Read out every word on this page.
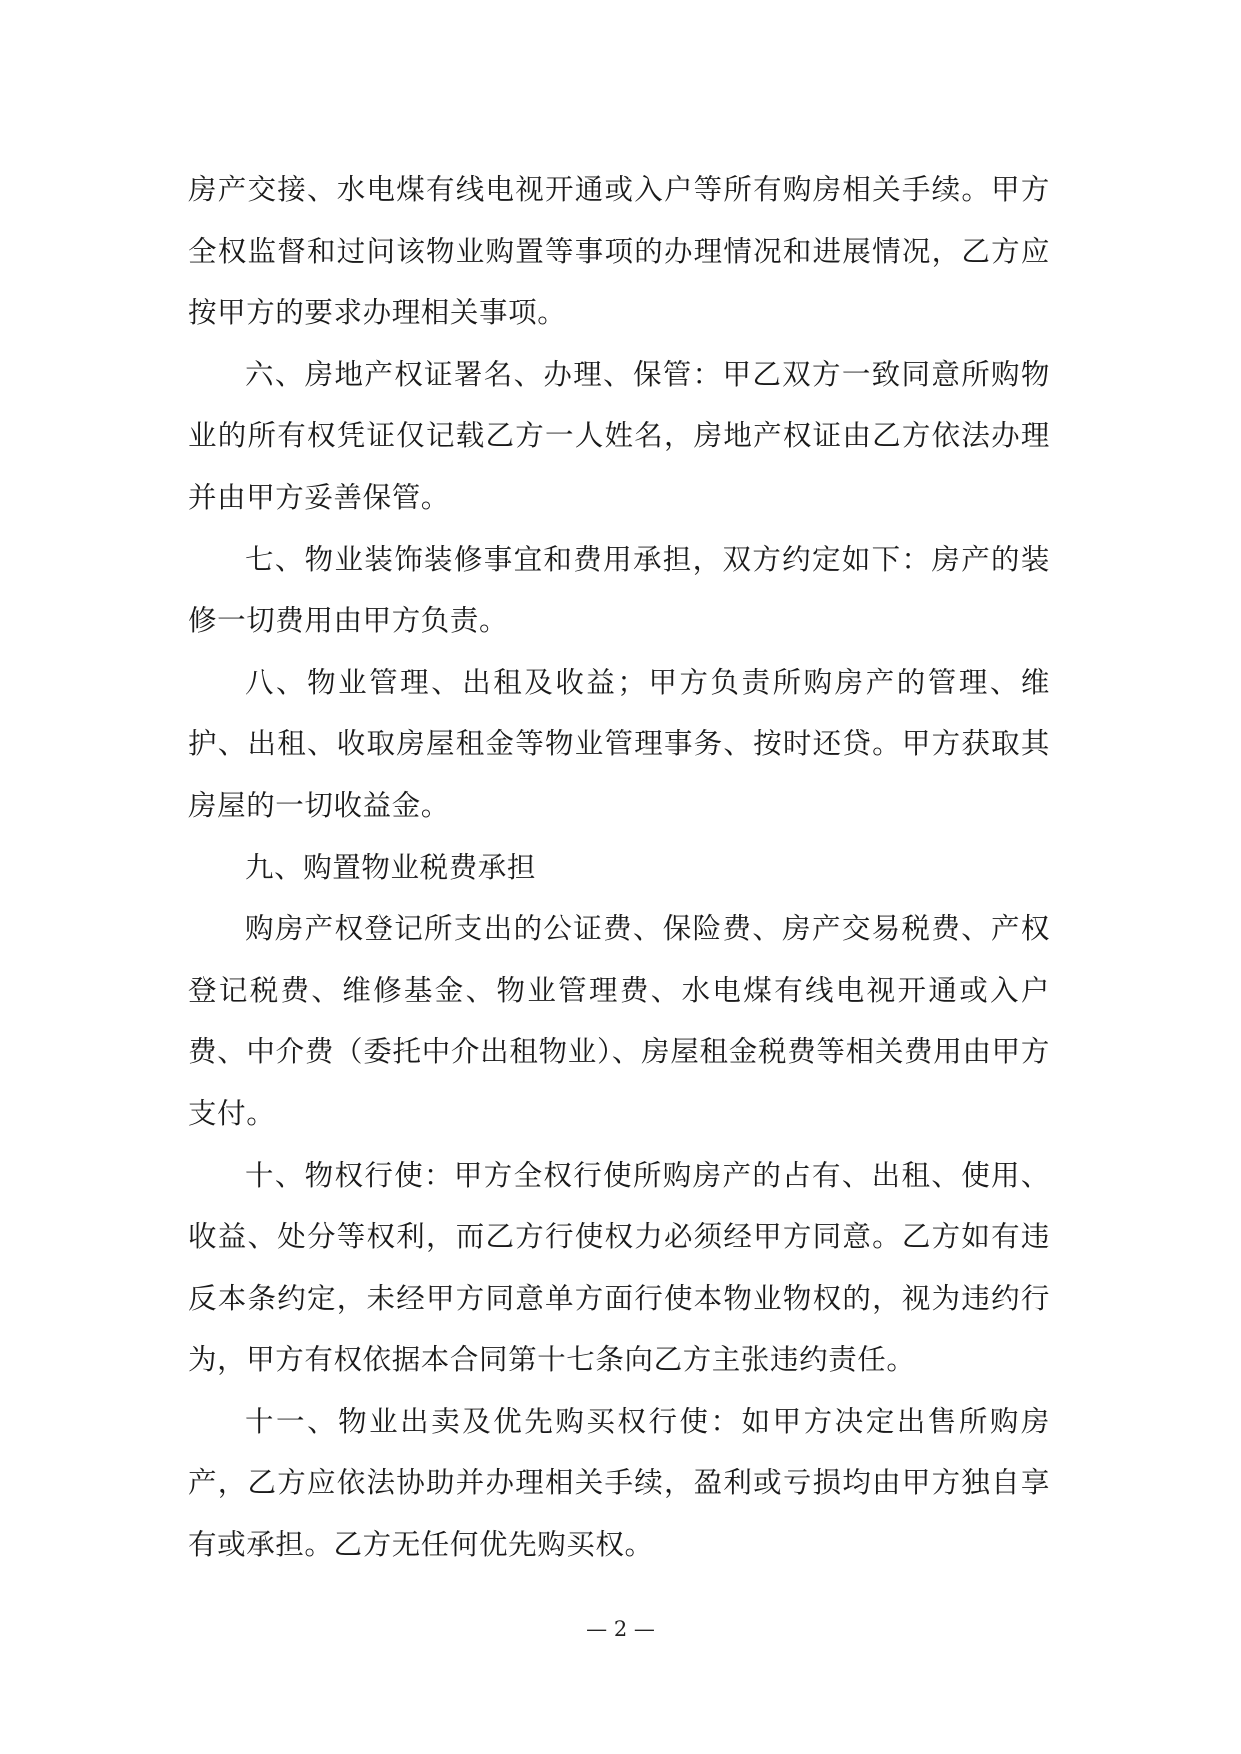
房产交接、水电煤有线电视开通或入户等所有购房相关手续。甲方全权监督和过问该物业购置等事项的办理情况和进展情况，乙方应按甲方的要求办理相关事项。

六、房地产权证署名、办理、保管：甲乙双方一致同意所购物业的所有权凭证仅记载乙方一人姓名，房地产权证由乙方依法办理并由甲方妥善保管。

七、物业装饰装修事宜和费用承担，双方约定如下：房产的装修一切费用由甲方负责。

八、物业管理、出租及收益；甲方负责所购房产的管理、维护、出租、收取房屋租金等物业管理事务、按时还贷。甲方获取其房屋的一切收益金。

九、购置物业税费承担

购房产权登记所支出的公证费、保险费、房产交易税费、产权登记税费、维修基金、物业管理费、水电煤有线电视开通或入户费、中介费（委托中介出租物业）、房屋租金税费等相关费用由甲方支付。

十、物权行使：甲方全权行使所购房产的占有、出租、使用、收益、处分等权利，而乙方行使权力必须经甲方同意。乙方如有违反本条约定，未经甲方同意单方面行使本物业物权的，视为违约行为，甲方有权依据本合同第十七条向乙方主张违约责任。

十一、物业出卖及优先购买权行使：如甲方决定出售所购房产，乙方应依法协助并办理相关手续，盈利或亏损均由甲方独自享有或承担。乙方无任何优先购买权。

— 2 —
